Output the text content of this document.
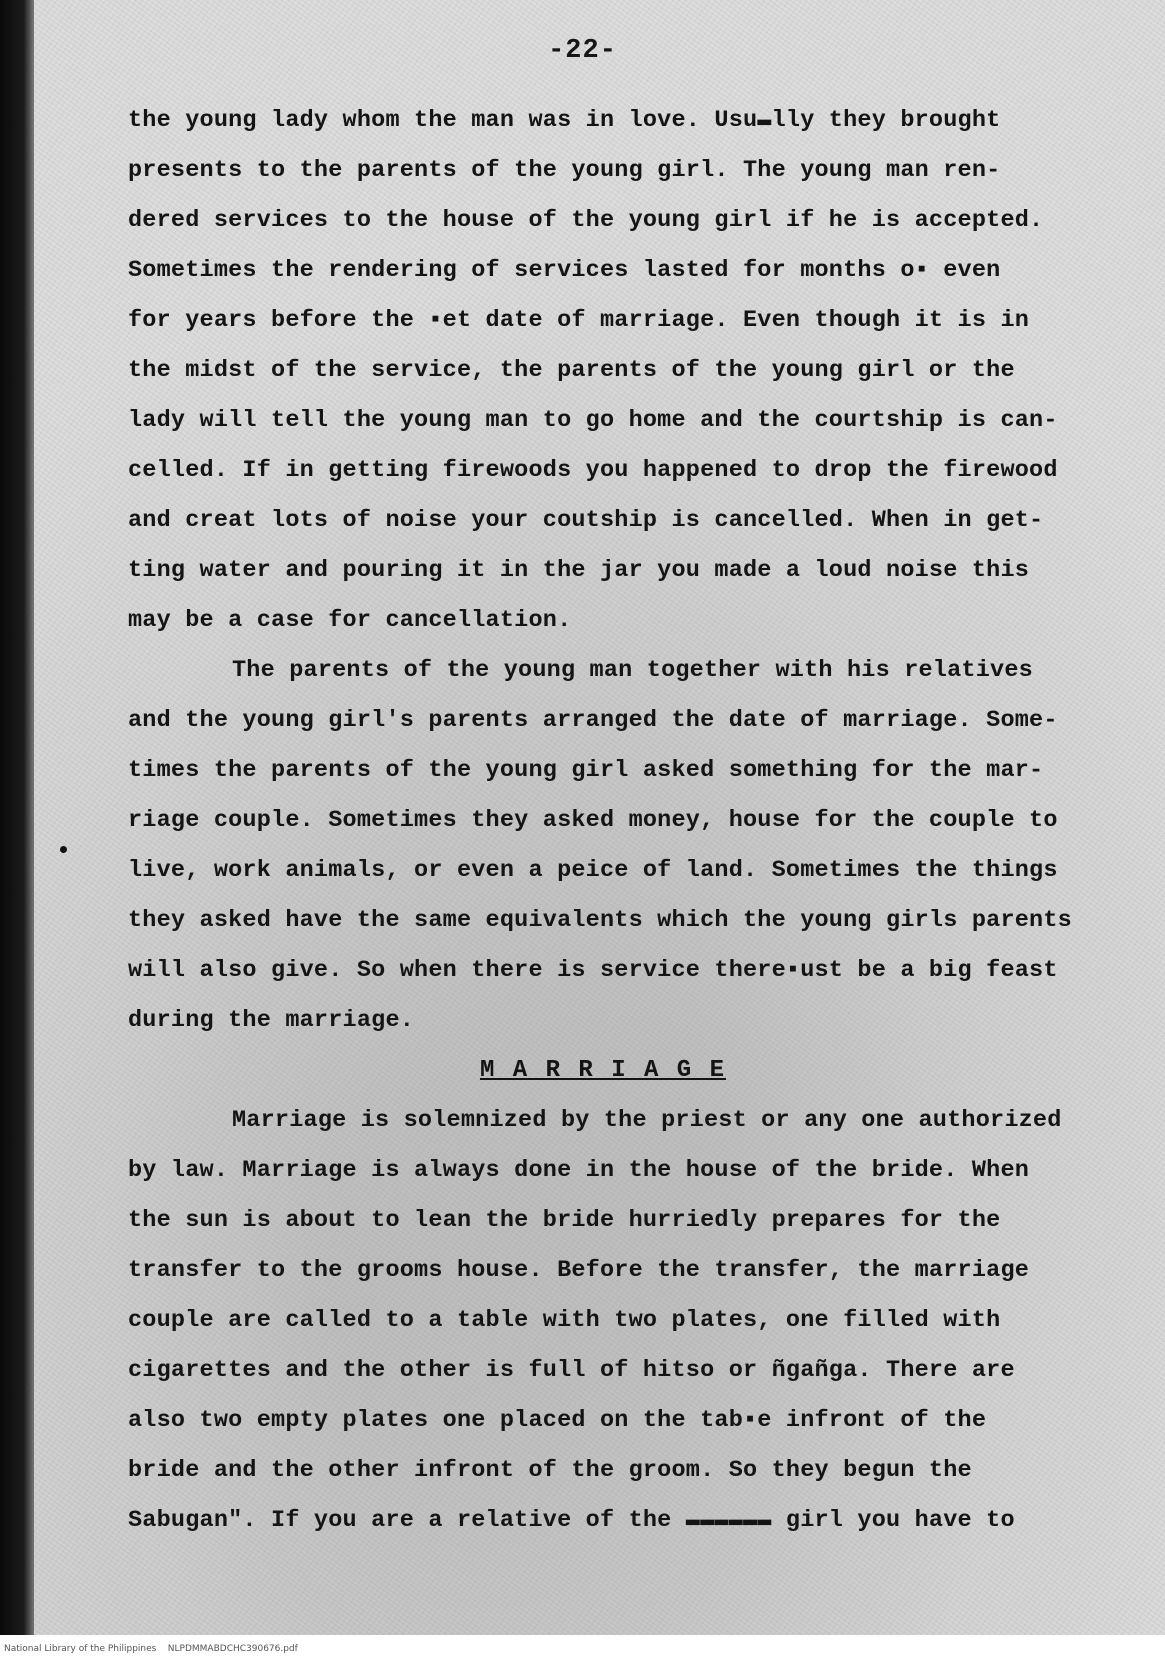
-22-
the young lady whom the man was in love. Usu▬lly they brought
presents to the parents of the young girl. The young man ren-
dered services to the house of the young girl if he is accepted.
Sometimes the rendering of services lasted for months o▪ even
for years before the ▪et date of marriage. Even though it is in
the midst of the service, the parents of the young girl or the
lady will tell the young man to go home and the courtship is can-
celled. If in getting firewoods you happened to drop the firewood
and creat lots of noise your coutship is cancelled. When in get-
ting water and pouring it in the jar you made a loud noise this
may be a case for cancellation.
The parents of the young man together with his relatives
and the young girl's parents arranged the date of marriage. Some-
times the parents of the young girl asked something for the mar-
riage couple. Sometimes they asked money, house for the couple to
live, work animals, or even a peice of land. Sometimes the things
they asked have the same equivalents which the young girls parents
will also give. So when there is service there▪ust be a big feast
during the marriage.
M A R R I A G E
Marriage is solemnized by the priest or any one authorized
by law. Marriage is always done in the house of the bride. When
the sun is about to lean the bride hurriedly prepares for the
transfer to the grooms house. Before the transfer, the marriage
couple are called to a table with two plates, one filled with
cigarettes and the other is full of hitso or ñgañga. There are
also two empty plates one placed on the tab▪e infront of the
bride and the other infront of the groom. So they begun the
Sabugan". If you are a relative of the ▬▬▬▬▬▬ girl you have to
National Library of the Philippines    NLPDMMABDCHC390676.pdf
